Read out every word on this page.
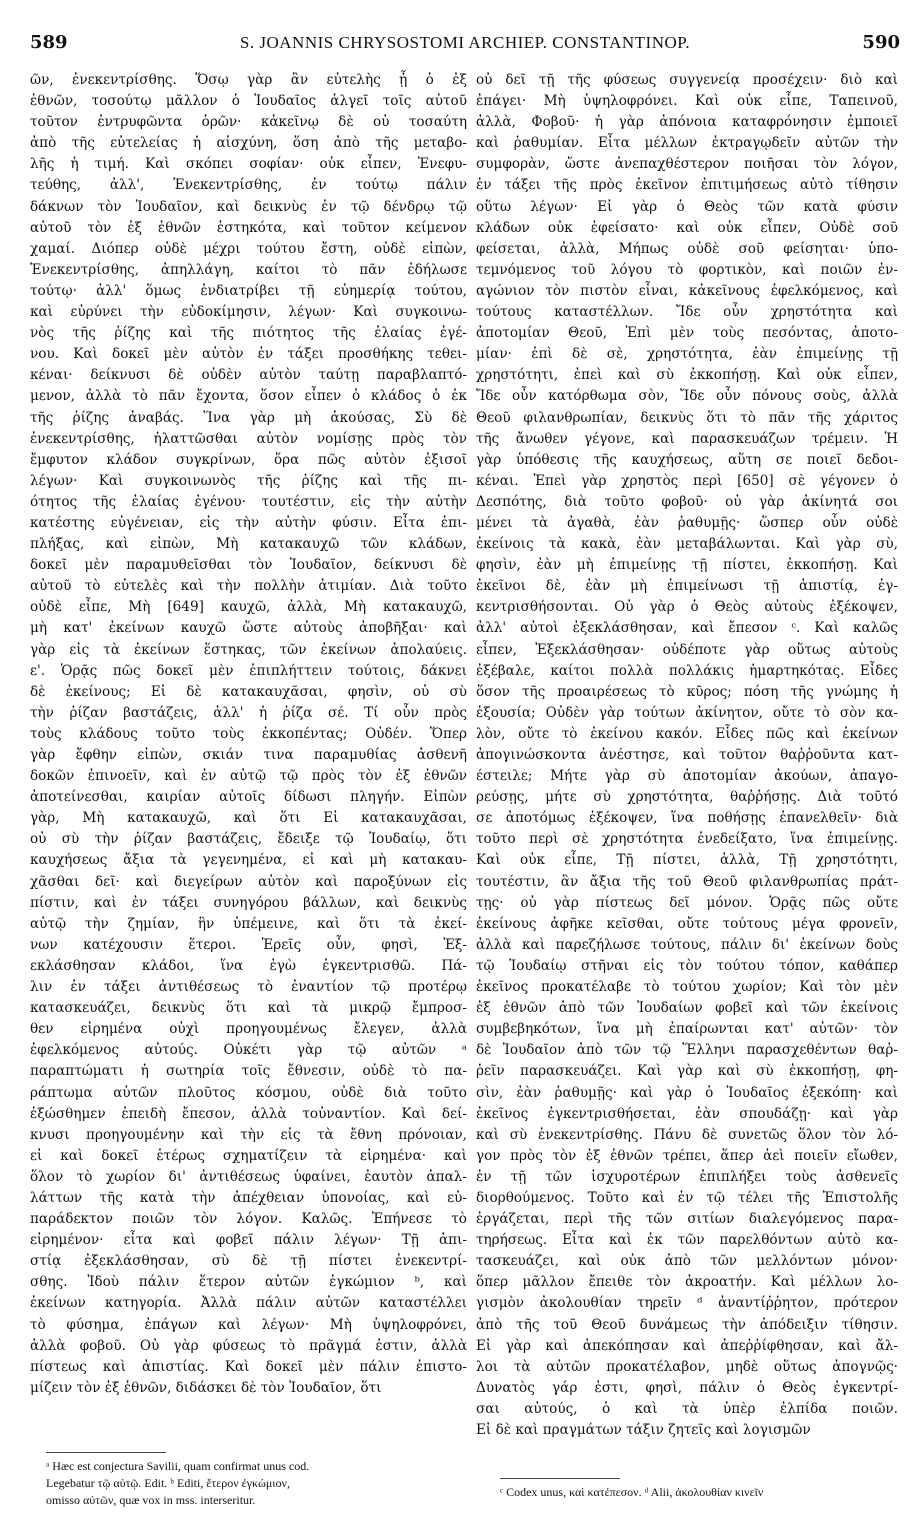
589	S. JOANNIS CHRYSOSTOMI ARCHIEP. CONSTANTINOP.	590
ῶν, ἐνεκεντρίσθης. Ὅσῳ γὰρ ἂν εὐτελὴς ᾖ ὁ ἐξ
ἐθνῶν, τοσούτῳ μᾶλλον ὁ Ἰουδαῖος ἀλγεῖ τοῖς αὐτοῦ
τοῦτον ἐντρυφῶντα ὁρῶν· κἀκεῖνῳ δὲ οὐ τοσαύτη
ἀπὸ τῆς εὐτελείας ἡ αἰσχύνη, ὅση ἀπὸ τῆς μεταβο-
λῆς ἡ τιμή. Καὶ σκόπει σοφίαν· οὐκ εἶπεν, Ἐνεφυ-
τεύθης, ἀλλ', Ἐνεκεντρίσθης, ἐν τούτῳ πάλιν
δάκνων τὸν Ἰουδαῖον, καὶ δεικνὺς ἐν τῷ δένδρῳ τῷ
αὐτοῦ τὸν ἐξ ἐθνῶν ἑστηκότα, καὶ τοῦτον κείμενον
χαμαί. Διόπερ οὐδὲ μέχρι τούτου ἔστη, οὐδὲ εἰπὼν,
Ἐνεκεντρίσθης, ἀπηλλάγη, καίτοι τὸ πᾶν ἐδήλωσε
τούτῳ· ἀλλ' ὅμως ἐνδιατρίβει τῇ εὐημερίᾳ τούτου,
καὶ εὐρύνει τὴν εὐδοκίμησιν, λέγων· Καὶ συγκοινω-
νὸς τῆς ῥίζης καὶ τῆς πιότητος τῆς ἐλαίας ἐγέ-
νου. Καὶ δοκεῖ μὲν αὐτὸν ἐν τάξει προσθήκης τεθει-
κέναι· δείκνυσι δὲ οὐδὲν αὐτὸν ταύτῃ παραβλαπτό-
μενον, ἀλλὰ τὸ πᾶν ἔχοντα, ὅσον εἶπεν ὁ κλάδος ὁ ἐκ
τῆς ῥίζης ἀναβάς. Ἵνα γὰρ μὴ ἀκούσας, Σὺ δὲ
ἐνεκεντρίσθης, ἡλαττῶσθαι αὐτὸν νομίσῃς πρὸς τὸν
ἔμφυτον κλάδον συγκρίνων, ὅρα πῶς αὐτὸν ἐξισοῖ
λέγων· Καὶ συγκοινωνὸς τῆς ῥίζης καὶ τῆς πι-
ότητος τῆς ἐλαίας ἐγένου· τουτέστιν, εἰς τὴν αὐτὴν
κατέστης εὐγένειαν, εἰς τὴν αὐτὴν φύσιν. Εἶτα ἐπι-
πλήξας, καὶ εἰπὼν, Μὴ κατακαυχῶ τῶν κλάδων,
δοκεῖ μὲν παραμυθεῖσθαι τὸν Ἰουδαῖον, δείκνυσι δὲ
αὐτοῦ τὸ εὐτελὲς καὶ τὴν πολλὴν ἀτιμίαν. Διὰ τοῦτο
οὐδὲ εἶπε, Μὴ [649] καυχῶ, ἀλλὰ, Μὴ κατακαυχῶ,
μὴ κατ' ἐκείνων καυχῶ ὥστε αὐτοὺς ἀποβῆξαι· καὶ
γὰρ εἰς τὰ ἐκείνων ἕστηκας, τῶν ἐκείνων ἀπολαύεις.
ε'. Ὁρᾷς πῶς δοκεῖ μὲν ἐπιπλήττειν τούτοις, δάκνει
δὲ ἐκείνους; Εἰ δὲ κατακαυχᾶσαι, φησὶν, οὐ σὺ
τὴν ῥίζαν βαστάζεις, ἀλλ' ἡ ῥίζα σέ. Τί οὖν πρὸς
τοὺς κλάδους τοῦτο τοὺς ἐκκοπέντας; Οὐδέν. Ὅπερ
γὰρ ἔφθην εἰπὼν, σκιάν τινα παραμυθίας ἀσθενῆ
δοκῶν ἐπινοεῖν, καὶ ἐν αὐτῷ τῷ πρὸς τὸν ἐξ ἐθνῶν
ἀποτείνεσθαι, καιρίαν αὐτοῖς δίδωσι πληγήν. Εἰπὼν
γὰρ, Μὴ κατακαυχῶ, καὶ ὅτι Εἰ κατακαυχᾶσαι,
οὐ σὺ τὴν ῥίζαν βαστάζεις, ἔδειξε τῷ Ἰουδαίῳ, ὅτι
καυχήσεως ἄξια τὰ γεγενημένα, εἰ καὶ μὴ κατακαυ-
χᾶσθαι δεῖ· καὶ διεγείρων αὐτὸν καὶ παροξύνων εἰς
πίστιν, καὶ ἐν τάξει συνηγόρου βάλλων, καὶ δεικνὺς
αὐτῷ τὴν ζημίαν, ἣν ὑπέμεινε, καὶ ὅτι τὰ ἐκεί-
νων κατέχουσιν ἕτεροι. Ἐρεῖς οὖν, φησὶ, Ἐξ-
εκλάσθησαν κλάδοι, ἵνα ἐγὼ ἐγκεντρισθῶ. Πά-
λιν ἐν τάξει ἀντιθέσεως τὸ ἐναντίον τῷ προτέρῳ
κατασκευάζει, δεικνὺς ὅτι καὶ τὰ μικρῷ ἔμπροσ-
θεν εἰρημένα οὐχὶ προηγουμένως ἔλεγεν, ἀλλὰ
ἐφελκόμενος αὐτούς. Οὐκέτι γὰρ τῷ αὐτῶν ᵃ
παραπτώματι ἡ σωτηρία τοῖς ἔθνεσιν, οὐδὲ τὸ πα-
ράπτωμα αὐτῶν πλοῦτος κόσμου, οὐδὲ διὰ τοῦτο
ἐξώσθημεν ἐπειδὴ ἔπεσον, ἀλλὰ τοὐναντίον. Καὶ δεί-
κνυσι προηγουμένην καὶ τὴν εἰς τὰ ἔθνη πρόνοιαν,
εἰ καὶ δοκεῖ ἑτέρως σχηματίζειν τὰ εἰρημένα· καὶ
ὅλον τὸ χωρίον δι' ἀντιθέσεως ὑφαίνει, ἑαυτὸν ἀπαλ-
λάττων τῆς κατὰ τὴν ἀπέχθειαν ὑπονοίας, καὶ εὐ-
παράδεκτον ποιῶν τὸν λόγον. Καλῶς. Ἐπήνεσε τὸ
εἰρημένον· εἶτα καὶ φοβεῖ πάλιν λέγων· Τῇ ἀπι-
στίᾳ ἐξεκλάσθησαν, σὺ δὲ τῇ πίστει ἐνεκεντρί-
σθης. Ἰδοὺ πάλιν ἕτερον αὐτῶν ἐγκώμιον ᵇ, καὶ
ἐκείνων κατηγορία. Ἀλλὰ πάλιν αὐτῶν καταστέλλει
τὸ φύσημα, ἐπάγων καὶ λέγων· Μὴ ὑψηλοφρόνει,
ἀλλὰ φοβοῦ. Οὐ γὰρ φύσεως τὸ πρᾶγμά ἐστιν, ἀλλὰ
πίστεως καὶ ἀπιστίας. Καὶ δοκεῖ μὲν πάλιν ἐπιστο-
μίζειν τὸν ἐξ ἐθνῶν, διδάσκει δὲ τὸν Ἰουδαῖον, ὅτι
οὐ δεῖ τῇ τῆς φύσεως συγγενείᾳ προσέχειν· διὸ καὶ
ἐπάγει· Μὴ ὑψηλοφρόνει. Καὶ οὐκ εἶπε, Ταπεινοῦ,
ἀλλὰ, Φοβοῦ· ἡ γὰρ ἀπόνοια καταφρόνησιν ἐμποιεῖ
καὶ ῥαθυμίαν. Εἶτα μέλλων ἐκτραγῳδεῖν αὐτῶν τὴν
συμφορὰν, ὥστε ἀνεπαχθέστερον ποιῆσαι τὸν λόγον,
ἐν τάξει τῆς πρὸς ἐκεῖνον ἐπιτιμήσεως αὐτὸ τίθησιν
οὕτω λέγων· Εἰ γὰρ ὁ Θεὸς τῶν κατὰ φύσιν
κλάδων οὐκ ἐφείσατο· καὶ οὐκ εἶπεν, Οὐδὲ σοῦ
φείσεται, ἀλλὰ, Μήπως οὐδὲ σοῦ φείσηται· ὑπο-
τεμνόμενος τοῦ λόγου τὸ φορτικὸν, καὶ ποιῶν ἐν-
αγώνιον τὸν πιστὸν εἶναι, κἀκεῖνους ἐφελκόμενος, καὶ
τούτους καταστέλλων. Ἴδε οὖν χρηστότητα καὶ
ἀποτομίαν Θεοῦ, Ἐπὶ μὲν τοὺς πεσόντας, ἀποτο-
μίαν· ἐπὶ δὲ σὲ, χρηστότητα, ἐὰν ἐπιμείνῃς τῇ
χρηστότητι, ἐπεὶ καὶ σὺ ἐκκοπήσῃ. Καὶ οὐκ εἶπεν,
Ἴδε οὖν κατόρθωμα σὸν, Ἴδε οὖν πόνους σοὺς, ἀλλὰ
Θεοῦ φιλανθρωπίαν, δεικνὺς ὅτι τὸ πᾶν τῆς χάριτος
τῆς ἄνωθεν γέγονε, καὶ παρασκευάζων τρέμειν. Ἡ
γὰρ ὑπόθεσις τῆς καυχήσεως, αὕτη σε ποιεῖ δεδοι-
κέναι. Ἐπεὶ γὰρ χρηστὸς περὶ [650] σὲ γέγονεν ὁ
Δεσπότης, διὰ τοῦτο φοβοῦ· οὐ γὰρ ἀκίνητά σοι
μένει τὰ ἀγαθὰ, ἐὰν ῥαθυμῇς· ὥσπερ οὖν οὐδὲ
ἐκείνοις τὰ κακὰ, ἐὰν μεταβάλωνται. Καὶ γὰρ σὺ,
φησὶν, ἐὰν μὴ ἐπιμείνῃς τῇ πίστει, ἐκκοπήσῃ. Καὶ
ἐκεῖνοι δὲ, ἐὰν μὴ ἐπιμείνωσι τῇ ἀπιστίᾳ, ἐγ-
κεντρισθήσονται. Οὐ γὰρ ὁ Θεὸς αὐτοὺς ἐξέκοψεν,
ἀλλ' αὐτοὶ ἐξεκλάσθησαν, καὶ ἔπεσον ᶜ. Καὶ καλῶς
εἶπεν, Ἐξεκλάσθησαν· οὐδέποτε γὰρ οὕτως αὐτοὺς
ἐξέβαλε, καίτοι πολλὰ πολλάκις ἡμαρτηκότας. Εἶδες
ὅσον τῆς προαιρέσεως τὸ κῦρος; πόση τῆς γνώμης ἡ
ἐξουσία; Οὐδὲν γὰρ τούτων ἀκίνητον, οὔτε τὸ σὸν κα-
λὸν, οὔτε τὸ ἐκείνου κακόν. Εἶδες πῶς καὶ ἐκείνων
ἀπογινώσκοντα ἀνέστησε, καὶ τοῦτον θαῤῥοῦντα κατ-
έστειλε; Μήτε γὰρ σὺ ἀποτομίαν ἀκούων, ἀπαγο-
ρεύσῃς, μήτε σὺ χρηστότητα, θαῤῥήσῃς. Διὰ τοῦτό
σε ἀποτόμως ἐξέκοψεν, ἵνα ποθήσῃς ἐπανελθεῖν· διὰ
τοῦτο περὶ σὲ χρηστότητα ἐνεδείξατο, ἵνα ἐπιμείνῃς.
Καὶ οὐκ εἶπε, Τῇ πίστει, ἀλλὰ, Τῇ χρηστότητι,
τουτέστιν, ἂν ἄξια τῆς τοῦ Θεοῦ φιλανθρωπίας πράτ-
τῃς· οὐ γὰρ πίστεως δεῖ μόνον. Ὁρᾷς πῶς οὔτε
ἐκείνους ἀφῆκε κεῖσθαι, οὔτε τούτους μέγα φρονεῖν,
ἀλλὰ καὶ παρεζήλωσε τούτους, πάλιν δι' ἐκείνων δοὺς
τῷ Ἰουδαίῳ στῆναι εἰς τὸν τούτου τόπον, καθάπερ
ἐκεῖνος προκατέλαβε τὸ τούτου χωρίον; Καὶ τὸν μὲν
ἐξ ἐθνῶν ἀπὸ τῶν Ἰουδαίων φοβεῖ καὶ τῶν ἐκείνοις
συμβεβηκότων, ἵνα μὴ ἐπαίρωνται κατ' αὐτῶν· τὸν
δὲ Ἰουδαῖον ἀπὸ τῶν τῷ Ἕλληνι παρασχεθέντων θαῤ-
ῥεῖν παρασκευάζει. Καὶ γὰρ καὶ σὺ ἐκκοπήσῃ, φη-
σὶν, ἐὰν ῥαθυμῇς· καὶ γὰρ ὁ Ἰουδαῖος ἐξεκόπη· καὶ
ἐκεῖνος ἐγκεντρισθήσεται, ἐὰν σπουδάζῃ· καὶ γὰρ
καὶ σὺ ἐνεκεντρίσθης. Πάνυ δὲ συνετῶς ὅλον τὸν λό-
γον πρὸς τὸν ἐξ ἐθνῶν τρέπει, ἅπερ ἀεὶ ποιεῖν εἴωθεν,
ἐν τῇ τῶν ἰσχυροτέρων ἐπιπλήξει τοὺς ἀσθενεῖς
διορθούμενος. Τοῦτο καὶ ἐν τῷ τέλει τῆς Ἐπιστολῆς
ἐργάζεται, περὶ τῆς τῶν σιτίων διαλεγόμενος παρα-
τηρήσεως. Εἶτα καὶ ἐκ τῶν παρελθόντων αὐτὸ κα-
τασκευάζει, καὶ οὐκ ἀπὸ τῶν μελλόντων μόνον·
ὅπερ μᾶλλον ἔπειθε τὸν ἀκροατήν. Καὶ μέλλων λο-
γισμὸν ἀκολουθίαν τηρεῖν ᵈ ἀναντίῤῥητον, πρότερον
ἀπὸ τῆς τοῦ Θεοῦ δυνάμεως τὴν ἀπόδειξιν τίθησιν.
Εἰ γὰρ καὶ ἀπεκόπησαν καὶ ἀπεῤῥίφθησαν, καὶ ἄλ-
λοι τὰ αὐτῶν προκατέλαβον, μηδὲ οὕτως ἀπογνῷς·
Δυνατὸς γάρ ἐστι, φησὶ, πάλιν ὁ Θεὸς ἐγκεντρί-
σαι αὐτούς, ὁ καὶ τὰ ὑπὲρ ἐλπίδα ποιῶν.
Εἰ δὲ καὶ πραγμάτων τάξιν ζητεῖς καὶ λογισμῶν
ᵃ Hæc est conjectura Savilii, quam confirmat unus cod.
Legebatur τῷ αὐτῷ. Edit. ᵇ Editi, ἕτερον ἐγκώμιον,
omisso αὐτῶν, quæ vox in mss. interseritur.
ᶜ Codex unus, καὶ κατέπεσον. ᵈ Alii, ἀκολουθίαν κινεῖν
